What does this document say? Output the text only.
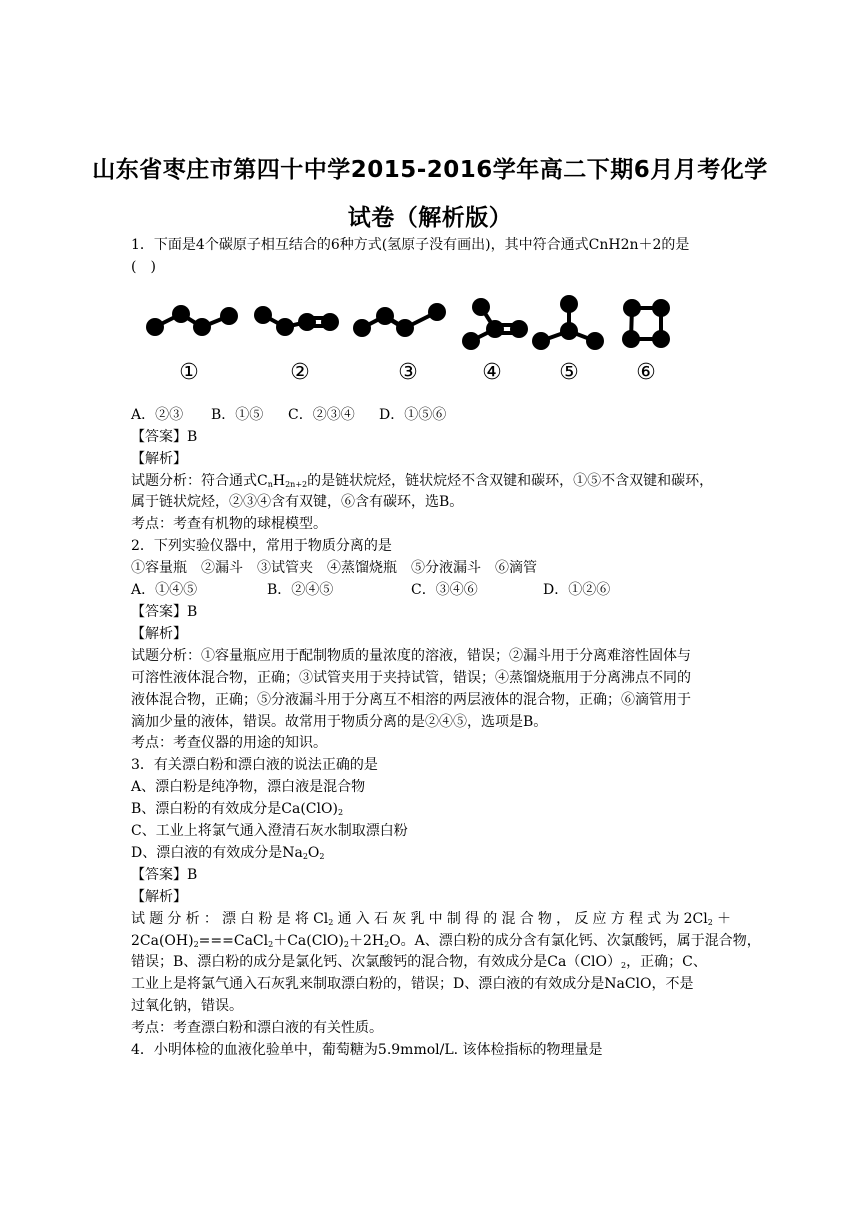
山东省枣庄市第四十中学2015-2016学年高二下期6月月考化学
试卷（解析版）
1．下面是4个碳原子相互结合的6种方式(氢原子没有画出)，其中符合通式CnH2n＋2的是
(　)
①	②	③	④	⑤	⑥
A．②③ B．①⑤ C．②③④ D．①⑤⑥
【答案】B
【解析】
试题分析：符合通式$C_nH_{2n+2}$的是链状烷烃，链状烷烃不含双键和碳环，①⑤不含双键和碳环，
属于链状烷烃，②③④含有双键，⑥含有碳环，选B。
考点：考查有机物的球棍模型。
2．下列实验仪器中，常用于物质分离的是
①容量瓶　②漏斗　③试管夹　④蒸馏烧瓶　⑤分液漏斗　⑥滴管
A．①④⑤	B．②④⑤	C．③④⑥	D．①②⑥
【答案】B
【解析】
试题分析：①容量瓶应用于配制物质的量浓度的溶液，错误；②漏斗用于分离难溶性固体与
可溶性液体混合物，正确；③试管夹用于夹持试管，错误；④蒸馏烧瓶用于分离沸点不同的
液体混合物，正确；⑤分液漏斗用于分离互不相溶的两层液体的混合物，正确；⑥滴管用于
滴加少量的液体，错误。故常用于物质分离的是②④⑤，选项是B。
考点：考查仪器的用途的知识。
3．有关漂白粉和漂白液的说法正确的是
A、漂白粉是纯净物，漂白液是混合物
B、漂白粉的有效成分是$Ca(ClO)_2$
C、工业上将氯气通入澄清石灰水制取漂白粉
D、漂白液的有效成分是$Na_2O_2$
【答案】B
【解析】
试题分析：漂白粉是将$Cl_2$通入石灰乳中制得的混合物，反应方程式为$2Cl_2+$
$2Ca(OH)_2===CaCl_2+Ca(ClO)_2+2H_2O$。A、漂白粉的成分含有氯化钙、次氯酸钙，属于混合物，
错误；B、漂白粉的成分是氯化钙、次氯酸钙的混合物，有效成分是$Ca(ClO)_2$，正确；C、
工业上是将氯气通入石灰乳来制取漂白粉的，错误；D、漂白液的有效成分是NaClO，不是
过氧化钠，错误。
考点：考查漂白粉和漂白液的有关性质。
4．小明体检的血液化验单中，葡萄糖为5.9mmol/L. 该体检指标的物理量是
